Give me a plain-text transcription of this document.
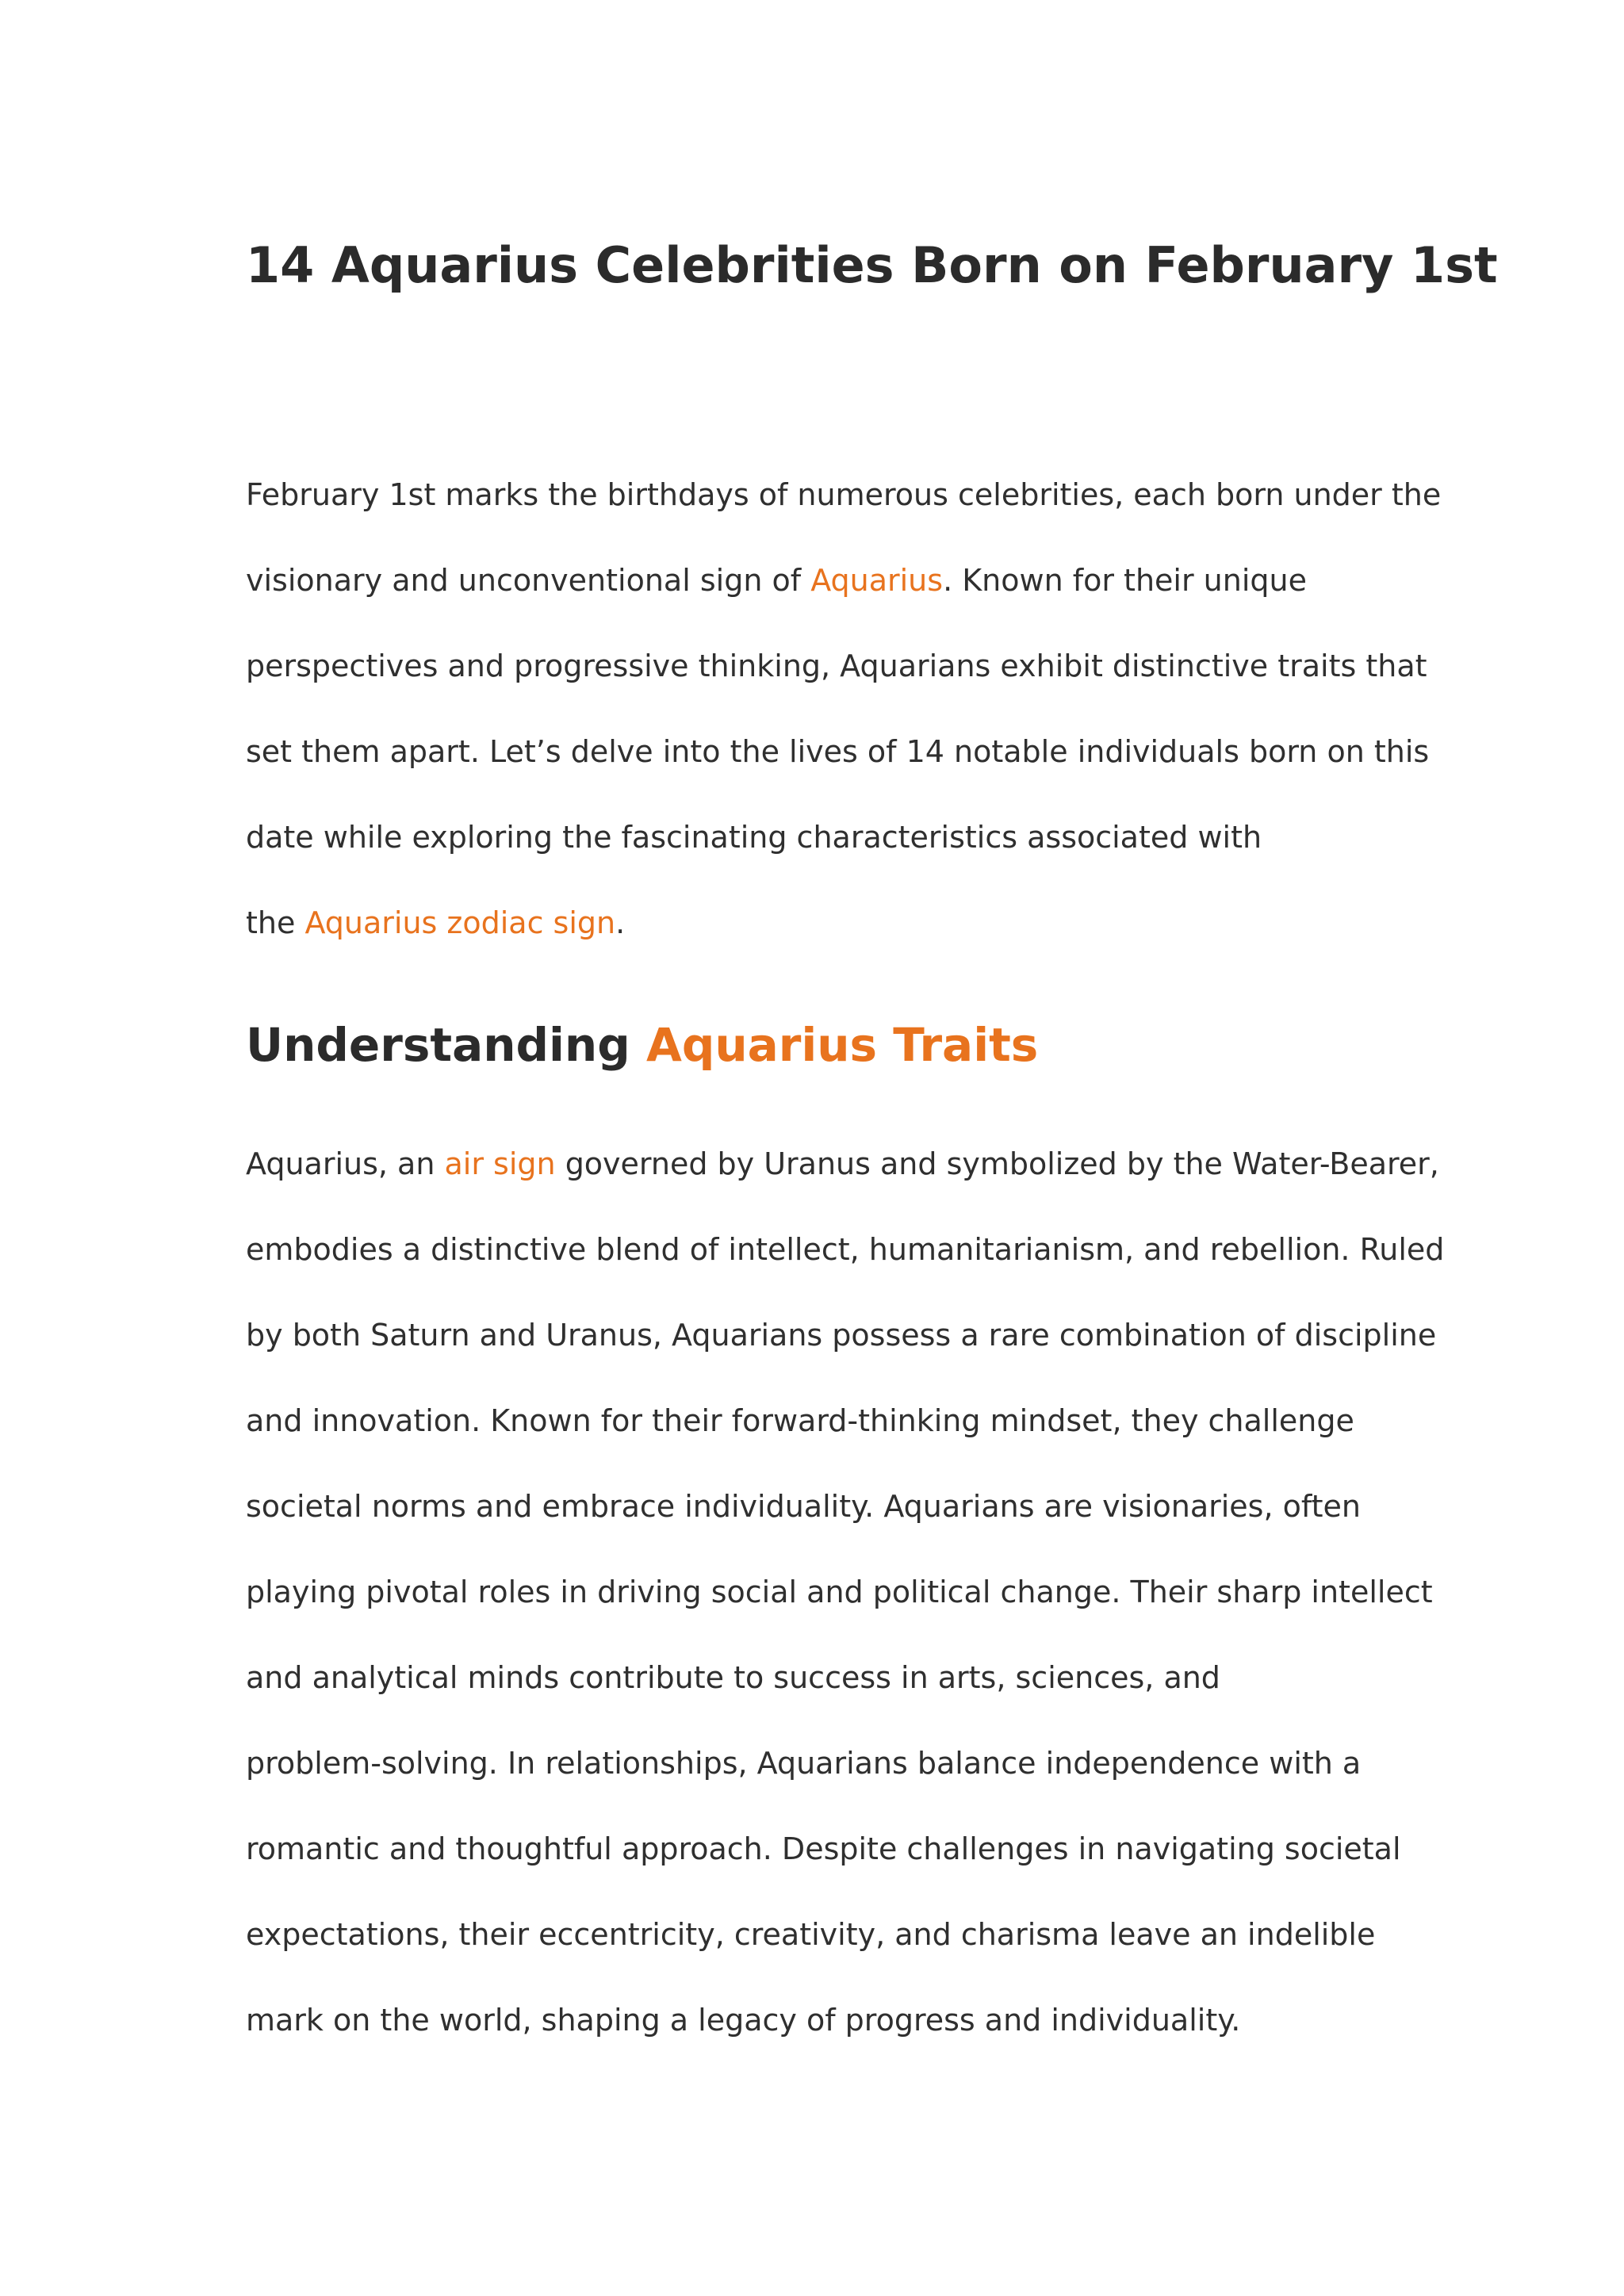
14 Aquarius Celebrities Born on February 1st

February 1st marks the birthdays of numerous celebrities, each born under the
visionary and unconventional sign of Aquarius. Known for their unique
perspectives and progressive thinking, Aquarians exhibit distinctive traits that
set them apart. Let’s delve into the lives of 14 notable individuals born on this
date while exploring the fascinating characteristics associated with
the Aquarius zodiac sign.

Understanding Aquarius Traits

Aquarius, an air sign governed by Uranus and symbolized by the Water-Bearer,
embodies a distinctive blend of intellect, humanitarianism, and rebellion. Ruled
by both Saturn and Uranus, Aquarians possess a rare combination of discipline
and innovation. Known for their forward-thinking mindset, they challenge
societal norms and embrace individuality. Aquarians are visionaries, often
playing pivotal roles in driving social and political change. Their sharp intellect
and analytical minds contribute to success in arts, sciences, and
problem-solving. In relationships, Aquarians balance independence with a
romantic and thoughtful approach. Despite challenges in navigating societal
expectations, their eccentricity, creativity, and charisma leave an indelible
mark on the world, shaping a legacy of progress and individuality.
